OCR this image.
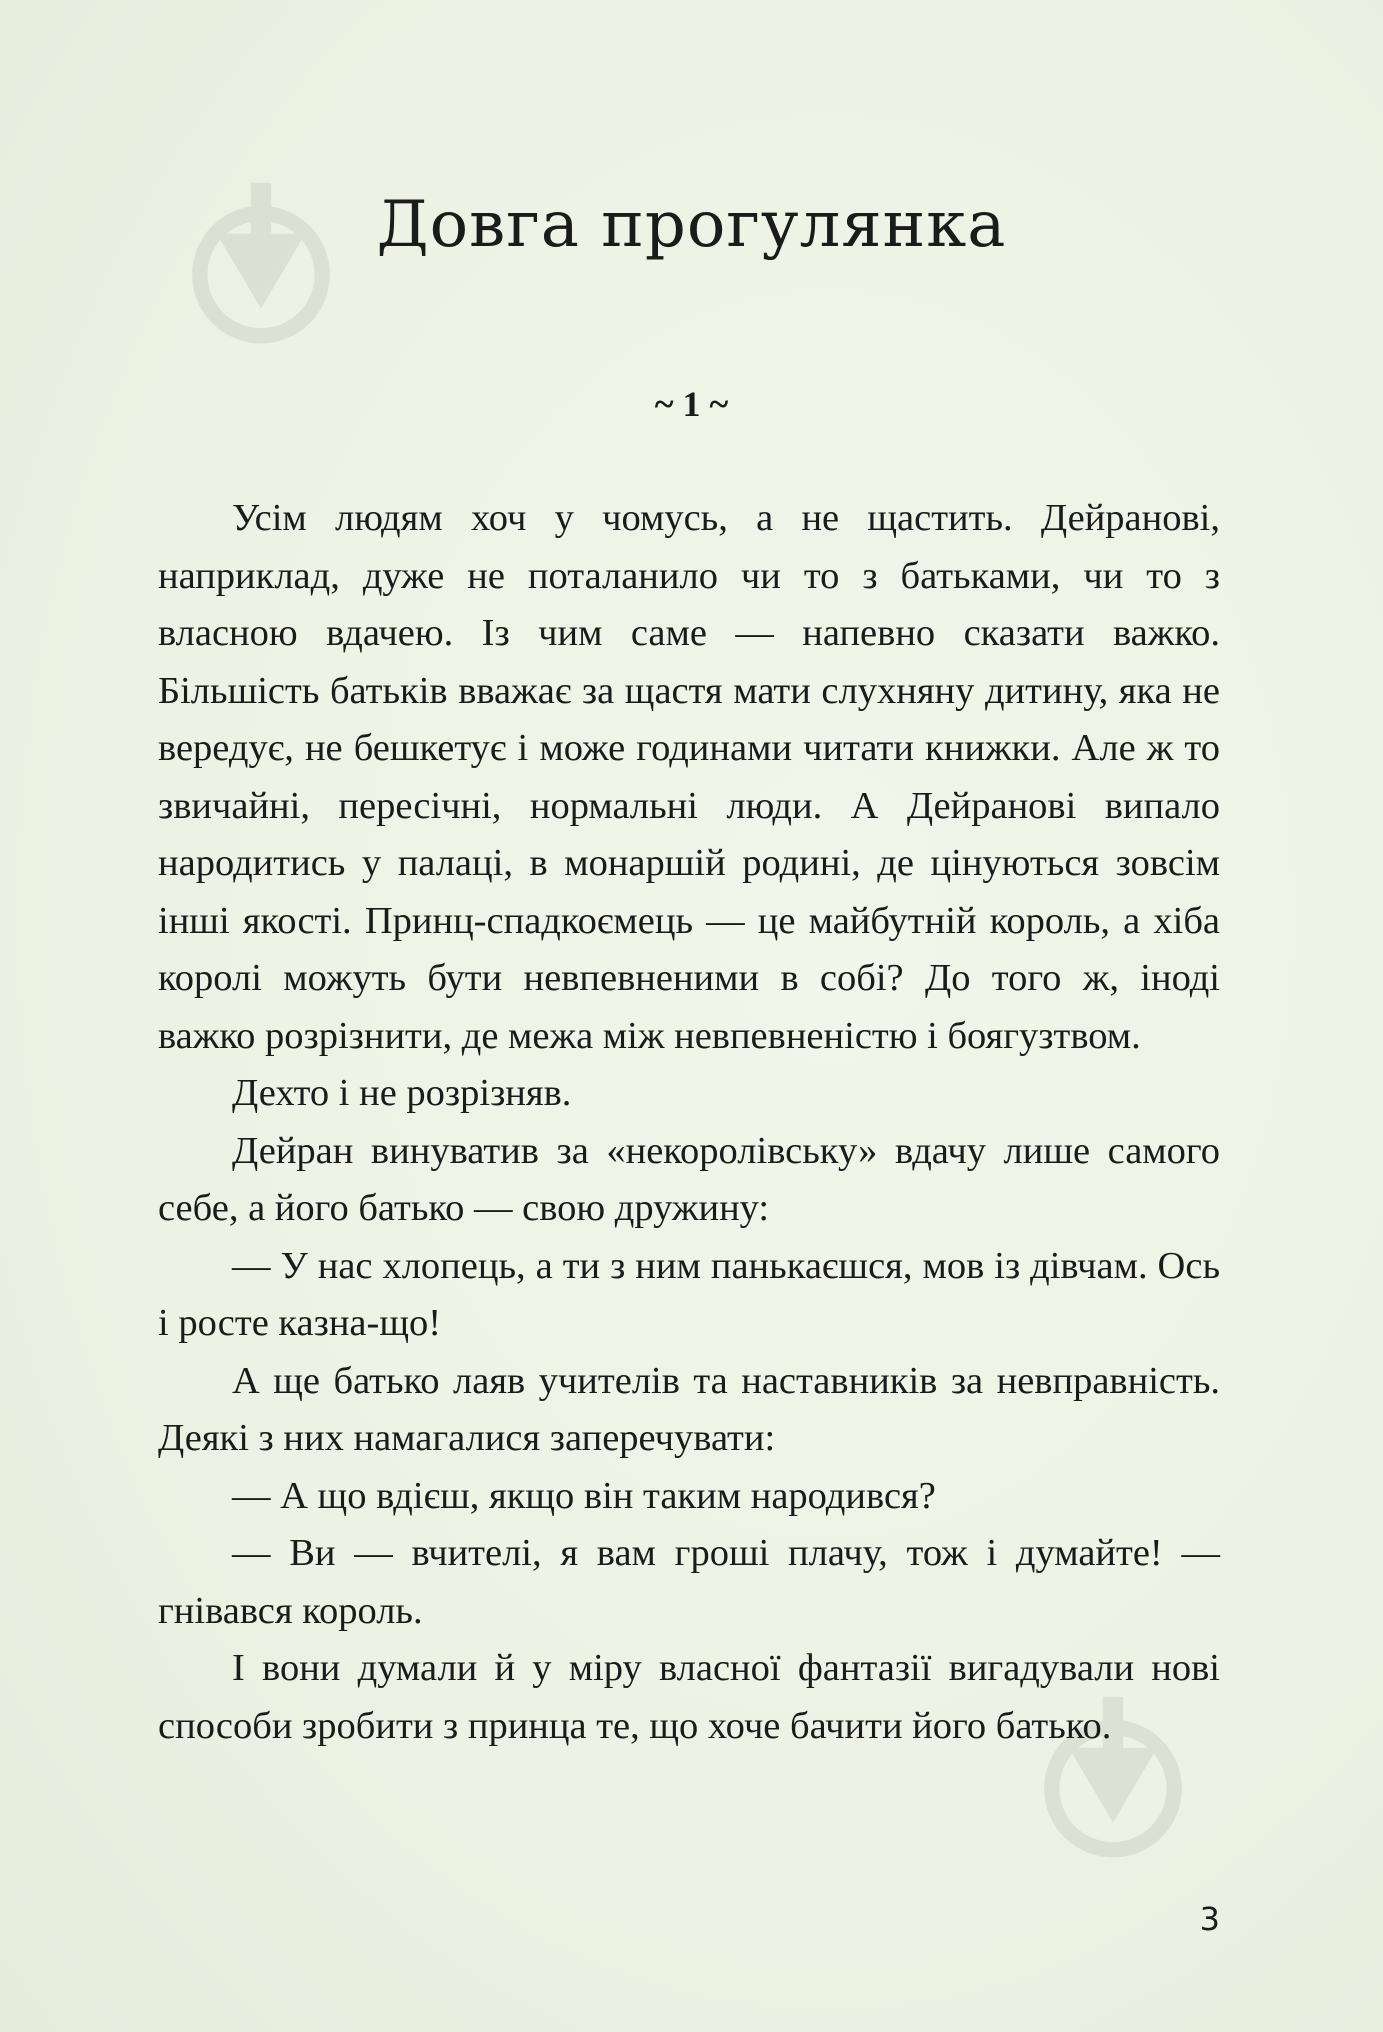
Довга прогулянка
~ 1 ~

Усім людям хоч у чомусь, а не щастить. Дейранові, наприклад, дуже не поталанило чи то з батьками, чи то з власною вдачею. Із чим саме — напевно сказати важко. Більшість батьків вважає за щастя мати слухняну дитину, яка не вередує, не бешкетує і може годинами читати книжки. Але ж то звичайні, пересічні, нормальні люди. А Дейранові випало народитись у палаці, в монаршій родині, де цінуються зовсім інші якості. Принц-спадкоємець — це майбутній король, а хіба королі можуть бути невпевненими в собі? До того ж, іноді важко розрізнити, де межа між невпевненістю і боягузтвом.

Дехто і не розрізняв.

Дейран винуватив за «некоролівську» вдачу лише самого себе, а його батько — свою дружину:

— У нас хлопець, а ти з ним панькаєшся, мов із дівчам. Ось і росте казна-що!

А ще батько лаяв учителів та наставників за невправність. Деякі з них намагалися заперечувати:

— А що вдієш, якщо він таким народився?

— Ви — вчителі, я вам гроші плачу, тож і думайте! — гнівався король.

І вони думали й у міру власної фантазії вигадували нові способи зробити з принца те, що хоче бачити його батько.

3
